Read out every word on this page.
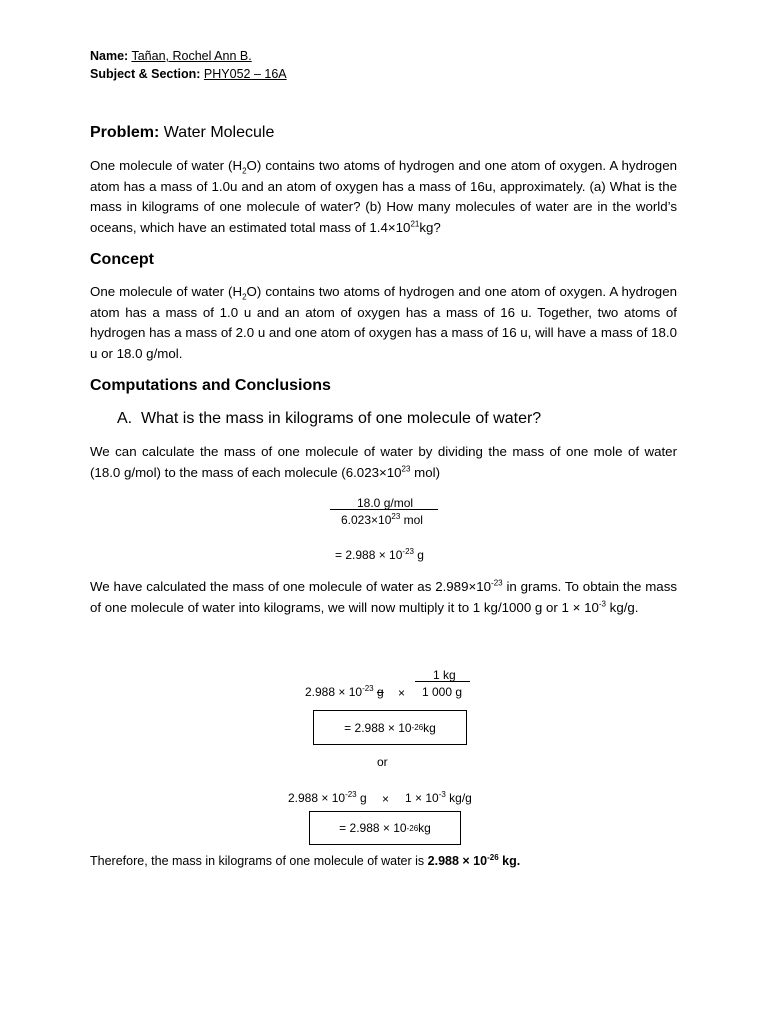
Name: Tañan, Rochel Ann B.
Subject & Section: PHY052 – 16A
Problem: Water Molecule
One molecule of water $(H_2O)$ contains two atoms of hydrogen and one atom of oxygen. A hydrogen atom has a mass of 1.0u and an atom of oxygen has a mass of 16u, approximately. (a) What is the mass in kilograms of one molecule of water? (b) How many molecules of water are in the world’s oceans, which have an estimated total mass of $1.4\times 10^{21}kg$?
Concept
One molecule of water $(H_2O)$ contains two atoms of hydrogen and one atom of oxygen. A hydrogen atom has a mass of 1.0 u and an atom of oxygen has a mass of 16 u. Together, two atoms of hydrogen has a mass of 2.0 u and one atom of oxygen has a mass of 16 u, will have a mass of 18.0 u or 18.0 g/mol.
Computations and Conclusions
A. What is the mass in kilograms of one molecule of water?
We can calculate the mass of one molecule of water by dividing the mass of one mole of water (18.0 g/mol) to the mass of each molecule ($6.023\times 10^{23}$ mol)
18.0 g/mol
$6.023\times 10^{23}$ mol
= $2.988 \times 10^{-23}$ g
We have calculated the mass of one molecule of water as $2.989\times 10^{-23}$ in grams. To obtain the mass of one molecule of water into kilograms, we will now multiply it to 1 kg/1000 g or $1 \times 10^{-3}$ kg/g.
1 kg
$2.988 \times 10^{-23}$ g × 1 000 g
= 2.988 × 10 -26 kg
or
$2.988 \times 10^{-23}$ $g \times 1 \times 10^{-3}$ kg/g
= 2.988 × 10 -26 kg
Therefore, the mass in kilograms of one molecule of water is $2.988 \times 10^{-26}$ kg.
